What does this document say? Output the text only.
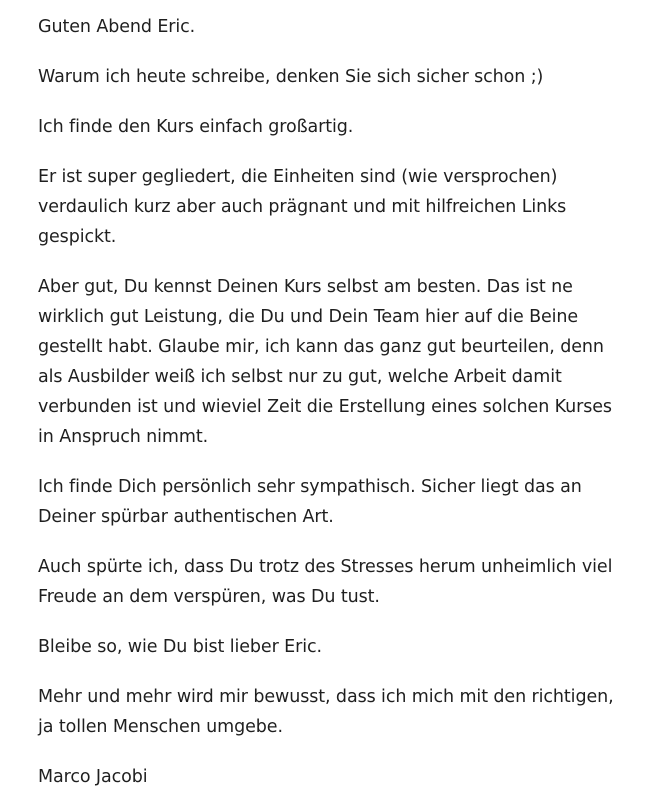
Guten Abend Eric.

Warum ich heute schreibe, denken Sie sich sicher schon ;)

Ich finde den Kurs einfach großartig.

Er ist super gegliedert, die Einheiten sind (wie versprochen) verdaulich kurz aber auch prägnant und mit hilfreichen Links gespickt.

Aber gut, Du kennst Deinen Kurs selbst am besten. Das ist ne wirklich gut Leistung, die Du und Dein Team hier auf die Beine gestellt habt. Glaube mir, ich kann das ganz gut beurteilen, denn als Ausbilder weiß ich selbst nur zu gut, welche Arbeit damit verbunden ist und wieviel Zeit die Erstellung eines solchen Kurses in Anspruch nimmt.

Ich finde Dich persönlich sehr sympathisch. Sicher liegt das an Deiner spürbar authentischen Art.

Auch spürte ich, dass Du trotz des Stresses herum unheimlich viel Freude an dem verspüren, was Du tust.

Bleibe so, wie Du bist lieber Eric.

Mehr und mehr wird mir bewusst, dass ich mich mit den richtigen, ja tollen Menschen umgebe.

Marco Jacobi
